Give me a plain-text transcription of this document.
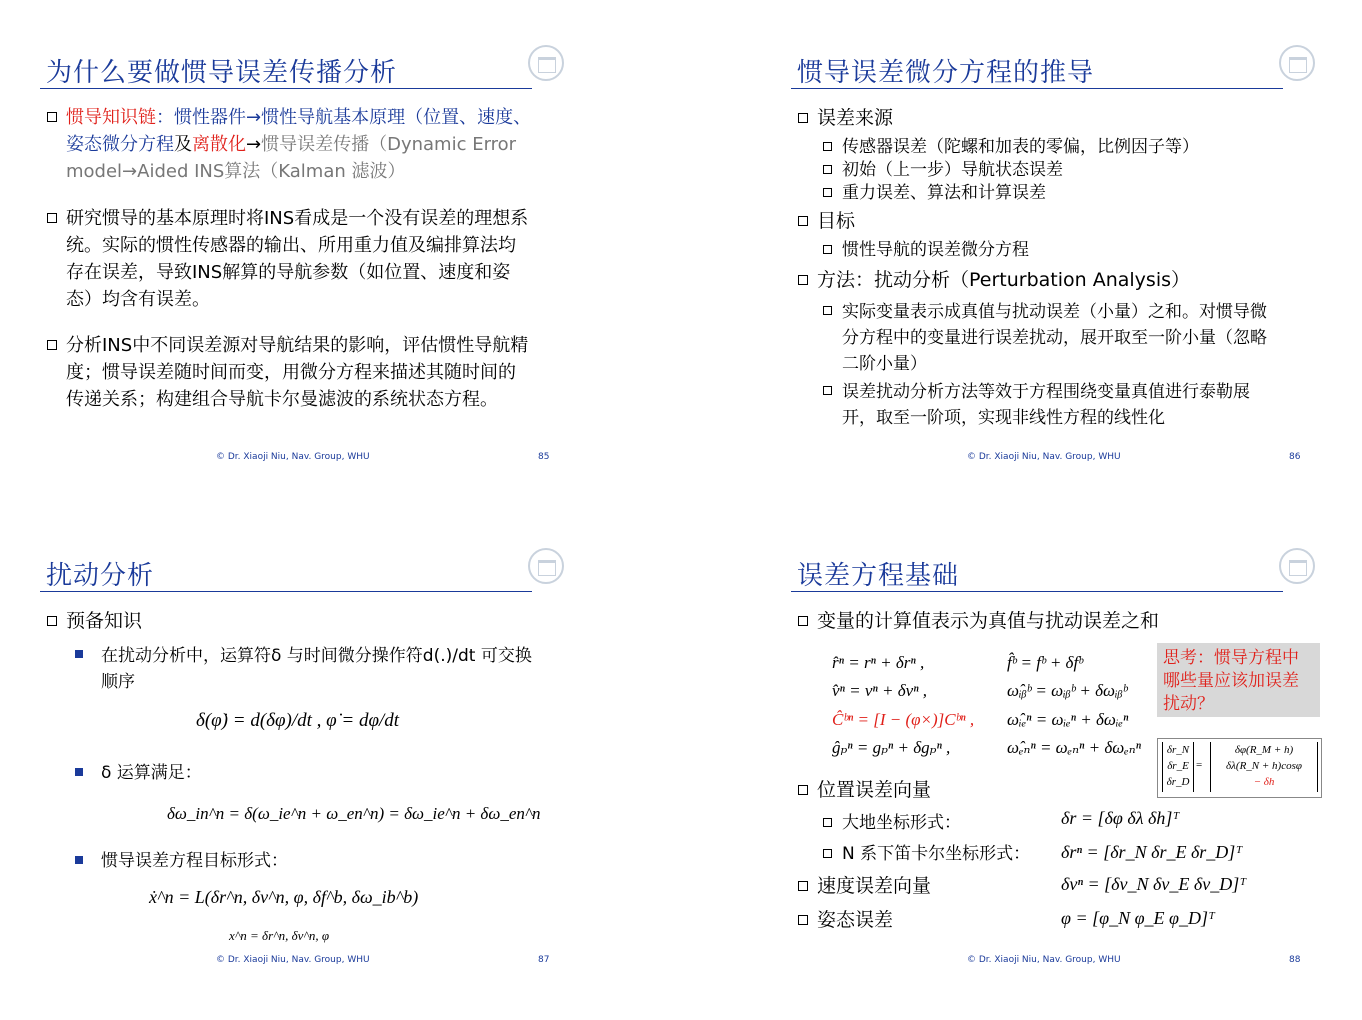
为什么要做惯导误差传播分析
惯导知识链：惯性器件→惯性导航基本原理（位置、速度、姿态微分方程及离散化→惯导误差传播（Dynamic Error model→Aided INS算法（Kalman 滤波）
研究惯导的基本原理时将INS看成是一个没有误差的理想系统。实际的惯性传感器的输出、所用重力值及编排算法均存在误差，导致INS解算的导航参数（如位置、速度和姿态）均含有误差。
分析INS中不同误差源对导航结果的影响，评估惯性导航精度；惯导误差随时间而变，用微分方程来描述其随时间的传递关系；构建组合导航卡尔曼滤波的系统状态方程。
© Dr. Xiaoji Niu, Nav. Group, WHU	85
惯导误差微分方程的推导
误差来源
传感器误差（陀螺和加表的零偏，比例因子等）
初始（上一步）导航状态误差
重力误差、算法和计算误差
目标
惯性导航的误差微分方程
方法：扰动分析（Perturbation Analysis）
实际变量表示成真值与扰动误差（小量）之和。对惯导微分方程中的变量进行误差扰动，展开取至一阶小量（忽略二阶小量）
误差扰动分析方法等效于方程围绕变量真值进行泰勒展开，取至一阶项，实现非线性方程的线性化
© Dr. Xiaoji Niu, Nav. Group, WHU	86
扰动分析
预备知识
在扰动分析中，运算符δ 与时间微分操作符d(.)/dt 可交换顺序
δ(φ̇) = d(δφ)/dt , φ̇ = dφ/dt
δ 运算满足：
δω_in^n = δ(ω_ie^n + ω_en^n) = δω_ie^n + δω_en^n
惯导误差方程目标形式：
ẋ^n = L(δr^n, δv^n, φ, δf^b, δω_ib^b)
x^n = δr^n, δv^n, φ
© Dr. Xiaoji Niu, Nav. Group, WHU	87
误差方程基础
变量的计算值表示为真值与扰动误差之和
r̂ⁿ = rⁿ + δrⁿ ,
v̂ⁿ = vⁿ + δvⁿ ,
Ĉᵇⁿ = [I − (φ×)]Cᵇⁿ ,
ĝₚⁿ = gₚⁿ + δgₚⁿ ,
f̂ᵇ = fᵇ + δfᵇ
ω̂ᵢᵦᵇ = ωᵢᵦᵇ + δωᵢᵦᵇ
ω̂ᵢₑⁿ = ωᵢₑⁿ + δωᵢₑⁿ
ω̂ₑₙⁿ = ωₑₙⁿ + δωₑₙⁿ
思考：惯导方程中哪些量应该加误差扰动？
δr_N
δr_E
δr_D
=
δφ(R_M + h)
δλ(R_N + h)cosφ
− δh
位置误差向量
大地坐标形式：
N 系下笛卡尔坐标形式：
δr = [δφ δλ δh]ᵀ
δrⁿ = [δr_N δr_E δr_D]ᵀ
速度误差向量	δvⁿ = [δv_N δv_E δv_D]ᵀ
姿态误差	φ = [φ_N φ_E φ_D]ᵀ
© Dr. Xiaoji Niu, Nav. Group, WHU	88
